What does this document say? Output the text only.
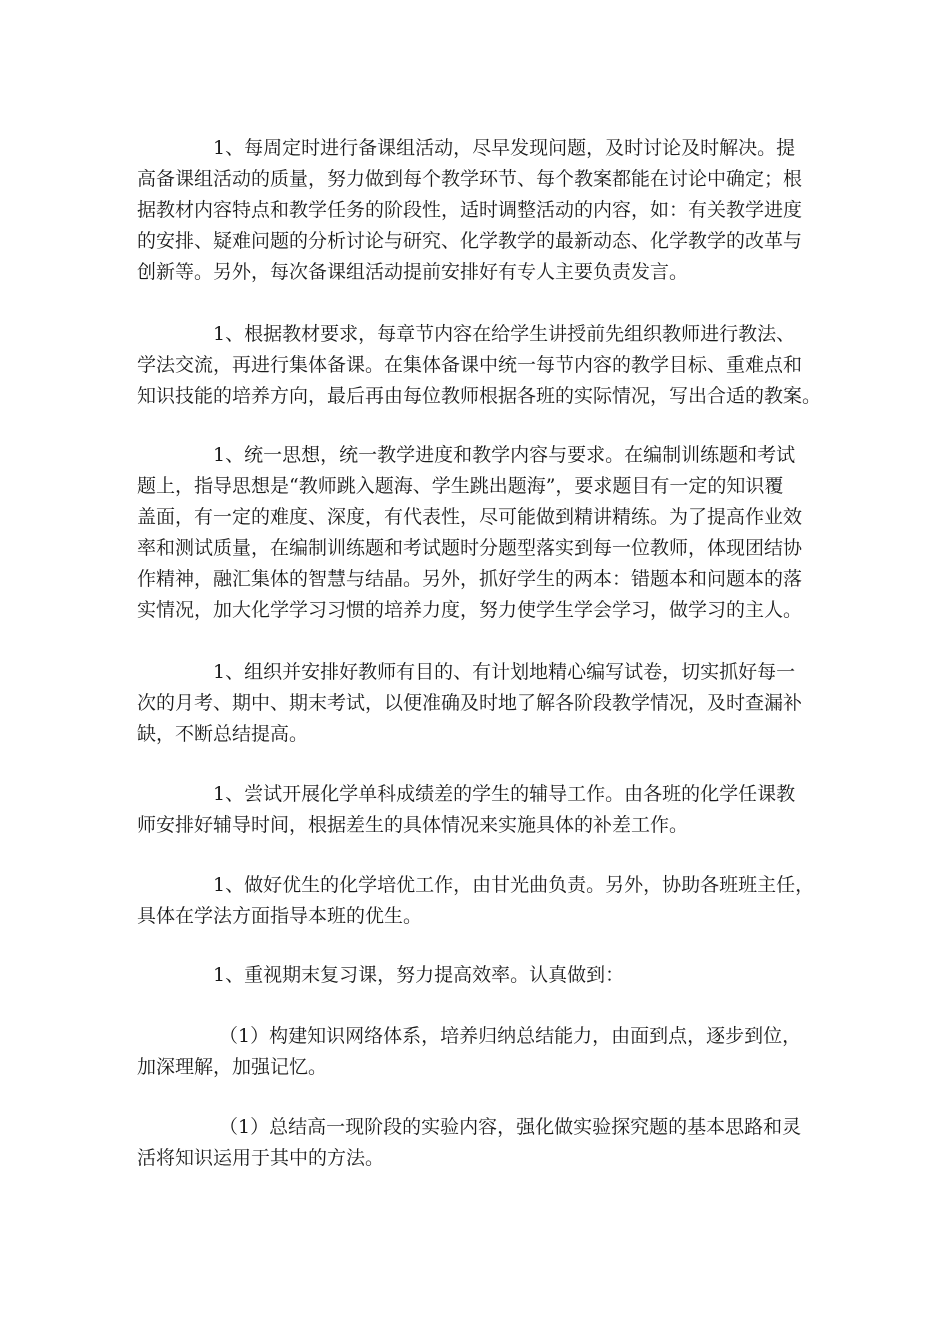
1、每周定时进行备课组活动，尽早发现问题，及时讨论及时解决。提
高备课组活动的质量，努力做到每个教学环节、每个教案都能在讨论中确定；根
据教材内容特点和教学任务的阶段性，适时调整活动的内容，如：有关教学进度
的安排、疑难问题的分析讨论与研究、化学教学的最新动态、化学教学的改革与
创新等。另外，每次备课组活动提前安排好有专人主要负责发言。
1、根据教材要求，每章节内容在给学生讲授前先组织教师进行教法、
学法交流，再进行集体备课。在集体备课中统一每节内容的教学目标、重难点和
知识技能的培养方向，最后再由每位教师根据各班的实际情况，写出合适的教案。
1、统一思想，统一教学进度和教学内容与要求。在编制训练题和考试
题上，指导思想是“教师跳入题海、学生跳出题海”，要求题目有一定的知识覆
盖面，有一定的难度、深度，有代表性，尽可能做到精讲精练。为了提高作业效
率和测试质量，在编制训练题和考试题时分题型落实到每一位教师，体现团结协
作精神，融汇集体的智慧与结晶。另外，抓好学生的两本：错题本和问题本的落
实情况，加大化学学习习惯的培养力度，努力使学生学会学习，做学习的主人。
1、组织并安排好教师有目的、有计划地精心编写试卷，切实抓好每一
次的月考、期中、期末考试，以便准确及时地了解各阶段教学情况，及时查漏补
缺，不断总结提高。
1、尝试开展化学单科成绩差的学生的辅导工作。由各班的化学任课教
师安排好辅导时间，根据差生的具体情况来实施具体的补差工作。
1、做好优生的化学培优工作，由甘光曲负责。另外，协助各班班主任，
具体在学法方面指导本班的优生。
1、重视期末复习课，努力提高效率。认真做到：
（1）构建知识网络体系，培养归纳总结能力，由面到点，逐步到位，
加深理解，加强记忆。
（1）总结高一现阶段的实验内容，强化做实验探究题的基本思路和灵
活将知识运用于其中的方法。
